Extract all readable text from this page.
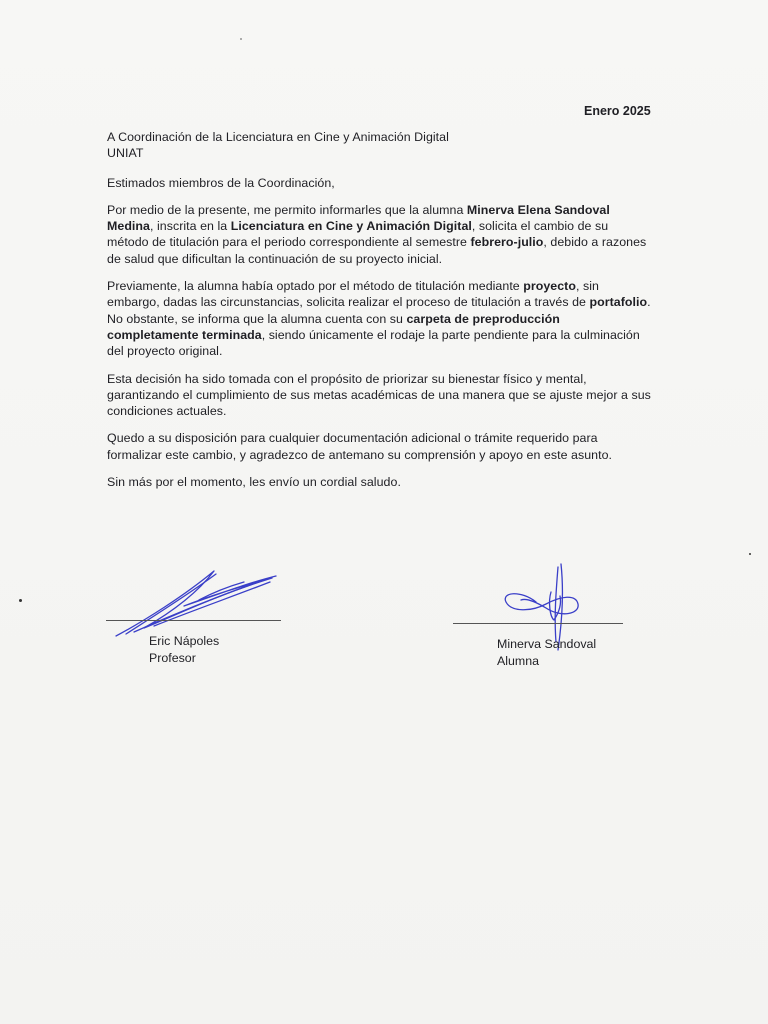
Enero 2025

A Coordinación de la Licenciatura en Cine y Animación Digital
UNIAT

Estimados miembros de la Coordinación,

Por medio de la presente, me permito informarles que la alumna Minerva Elena Sandoval Medina, inscrita en la Licenciatura en Cine y Animación Digital, solicita el cambio de su método de titulación para el periodo correspondiente al semestre febrero-julio, debido a razones de salud que dificultan la continuación de su proyecto inicial.

Previamente, la alumna había optado por el método de titulación mediante proyecto, sin embargo, dadas las circunstancias, solicita realizar el proceso de titulación a través de portafolio. No obstante, se informa que la alumna cuenta con su carpeta de preproducción completamente terminada, siendo únicamente el rodaje la parte pendiente para la culminación del proyecto original.

Esta decisión ha sido tomada con el propósito de priorizar su bienestar físico y mental, garantizando el cumplimiento de sus metas académicas de una manera que se ajuste mejor a sus condiciones actuales.

Quedo a su disposición para cualquier documentación adicional o trámite requerido para formalizar este cambio, y agradezco de antemano su comprensión y apoyo en este asunto.

Sin más por el momento, les envío un cordial saludo.

Eric Nápoles
Profesor
Minerva Sandoval
Alumna
